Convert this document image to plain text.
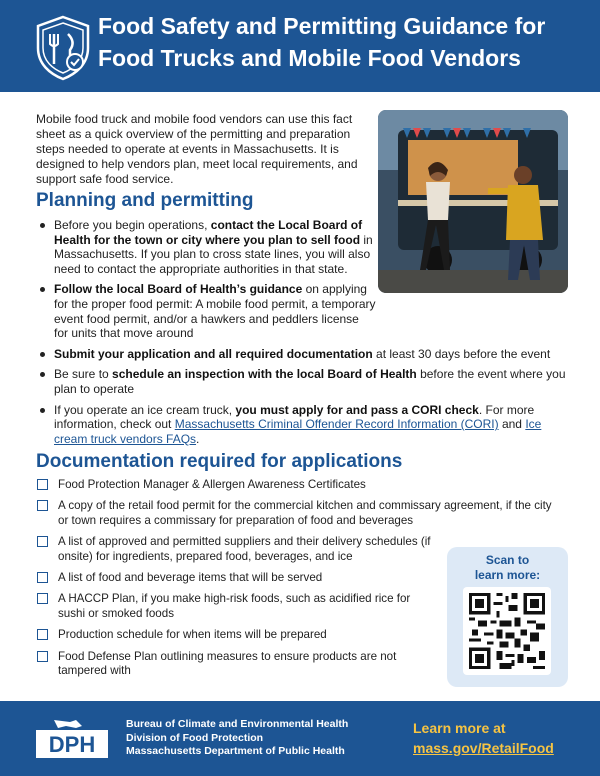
Food Safety and Permitting Guidance for
Food Trucks and Mobile Food Vendors

Mobile food truck and mobile food vendors can use this fact sheet as a quick overview of the permitting and preparation steps needed to operate at events in Massachusetts. It is designed to help vendors plan, meet local requirements, and support safe food service.

Planning and permitting
Before you begin operations, contact the Local Board of Health for the town or city where you plan to sell food in Massachusetts. If you plan to cross state lines, you will also need to contact the appropriate authorities in that state.
Follow the local Board of Health’s guidance on applying for the proper food permit: A mobile food permit, a temporary event food permit, and/or a hawkers and peddlers license for units that move around
Submit your application and all required documentation at least 30 days before the event
Be sure to schedule an inspection with the local Board of Health before the event where you plan to operate
If you operate an ice cream truck, you must apply for and pass a CORI check. For more information, check out Massachusetts Criminal Offender Record Information (CORI) and Ice cream truck vendors FAQs.
Documentation required for applications
Food Protection Manager & Allergen Awareness Certificates
A copy of the retail food permit for the commercial kitchen and commissary agreement, if the city or town requires a commissary for preparation of food and beverages
A list of approved and permitted suppliers and their delivery schedules (if onsite) for ingredients, prepared food, beverages, and ice
A list of food and beverage items that will be served
A HACCP Plan, if you make high-risk foods, such as acidified rice for sushi or smoked foods
Production schedule for when items will be prepared
Food Defense Plan outlining measures to ensure products are not tampered with
Scan to
learn more:
DPH
Bureau of Climate and Environmental Health
Division of Food Protection
Massachusetts Department of Public Health
Learn more at
mass.gov/RetailFood
